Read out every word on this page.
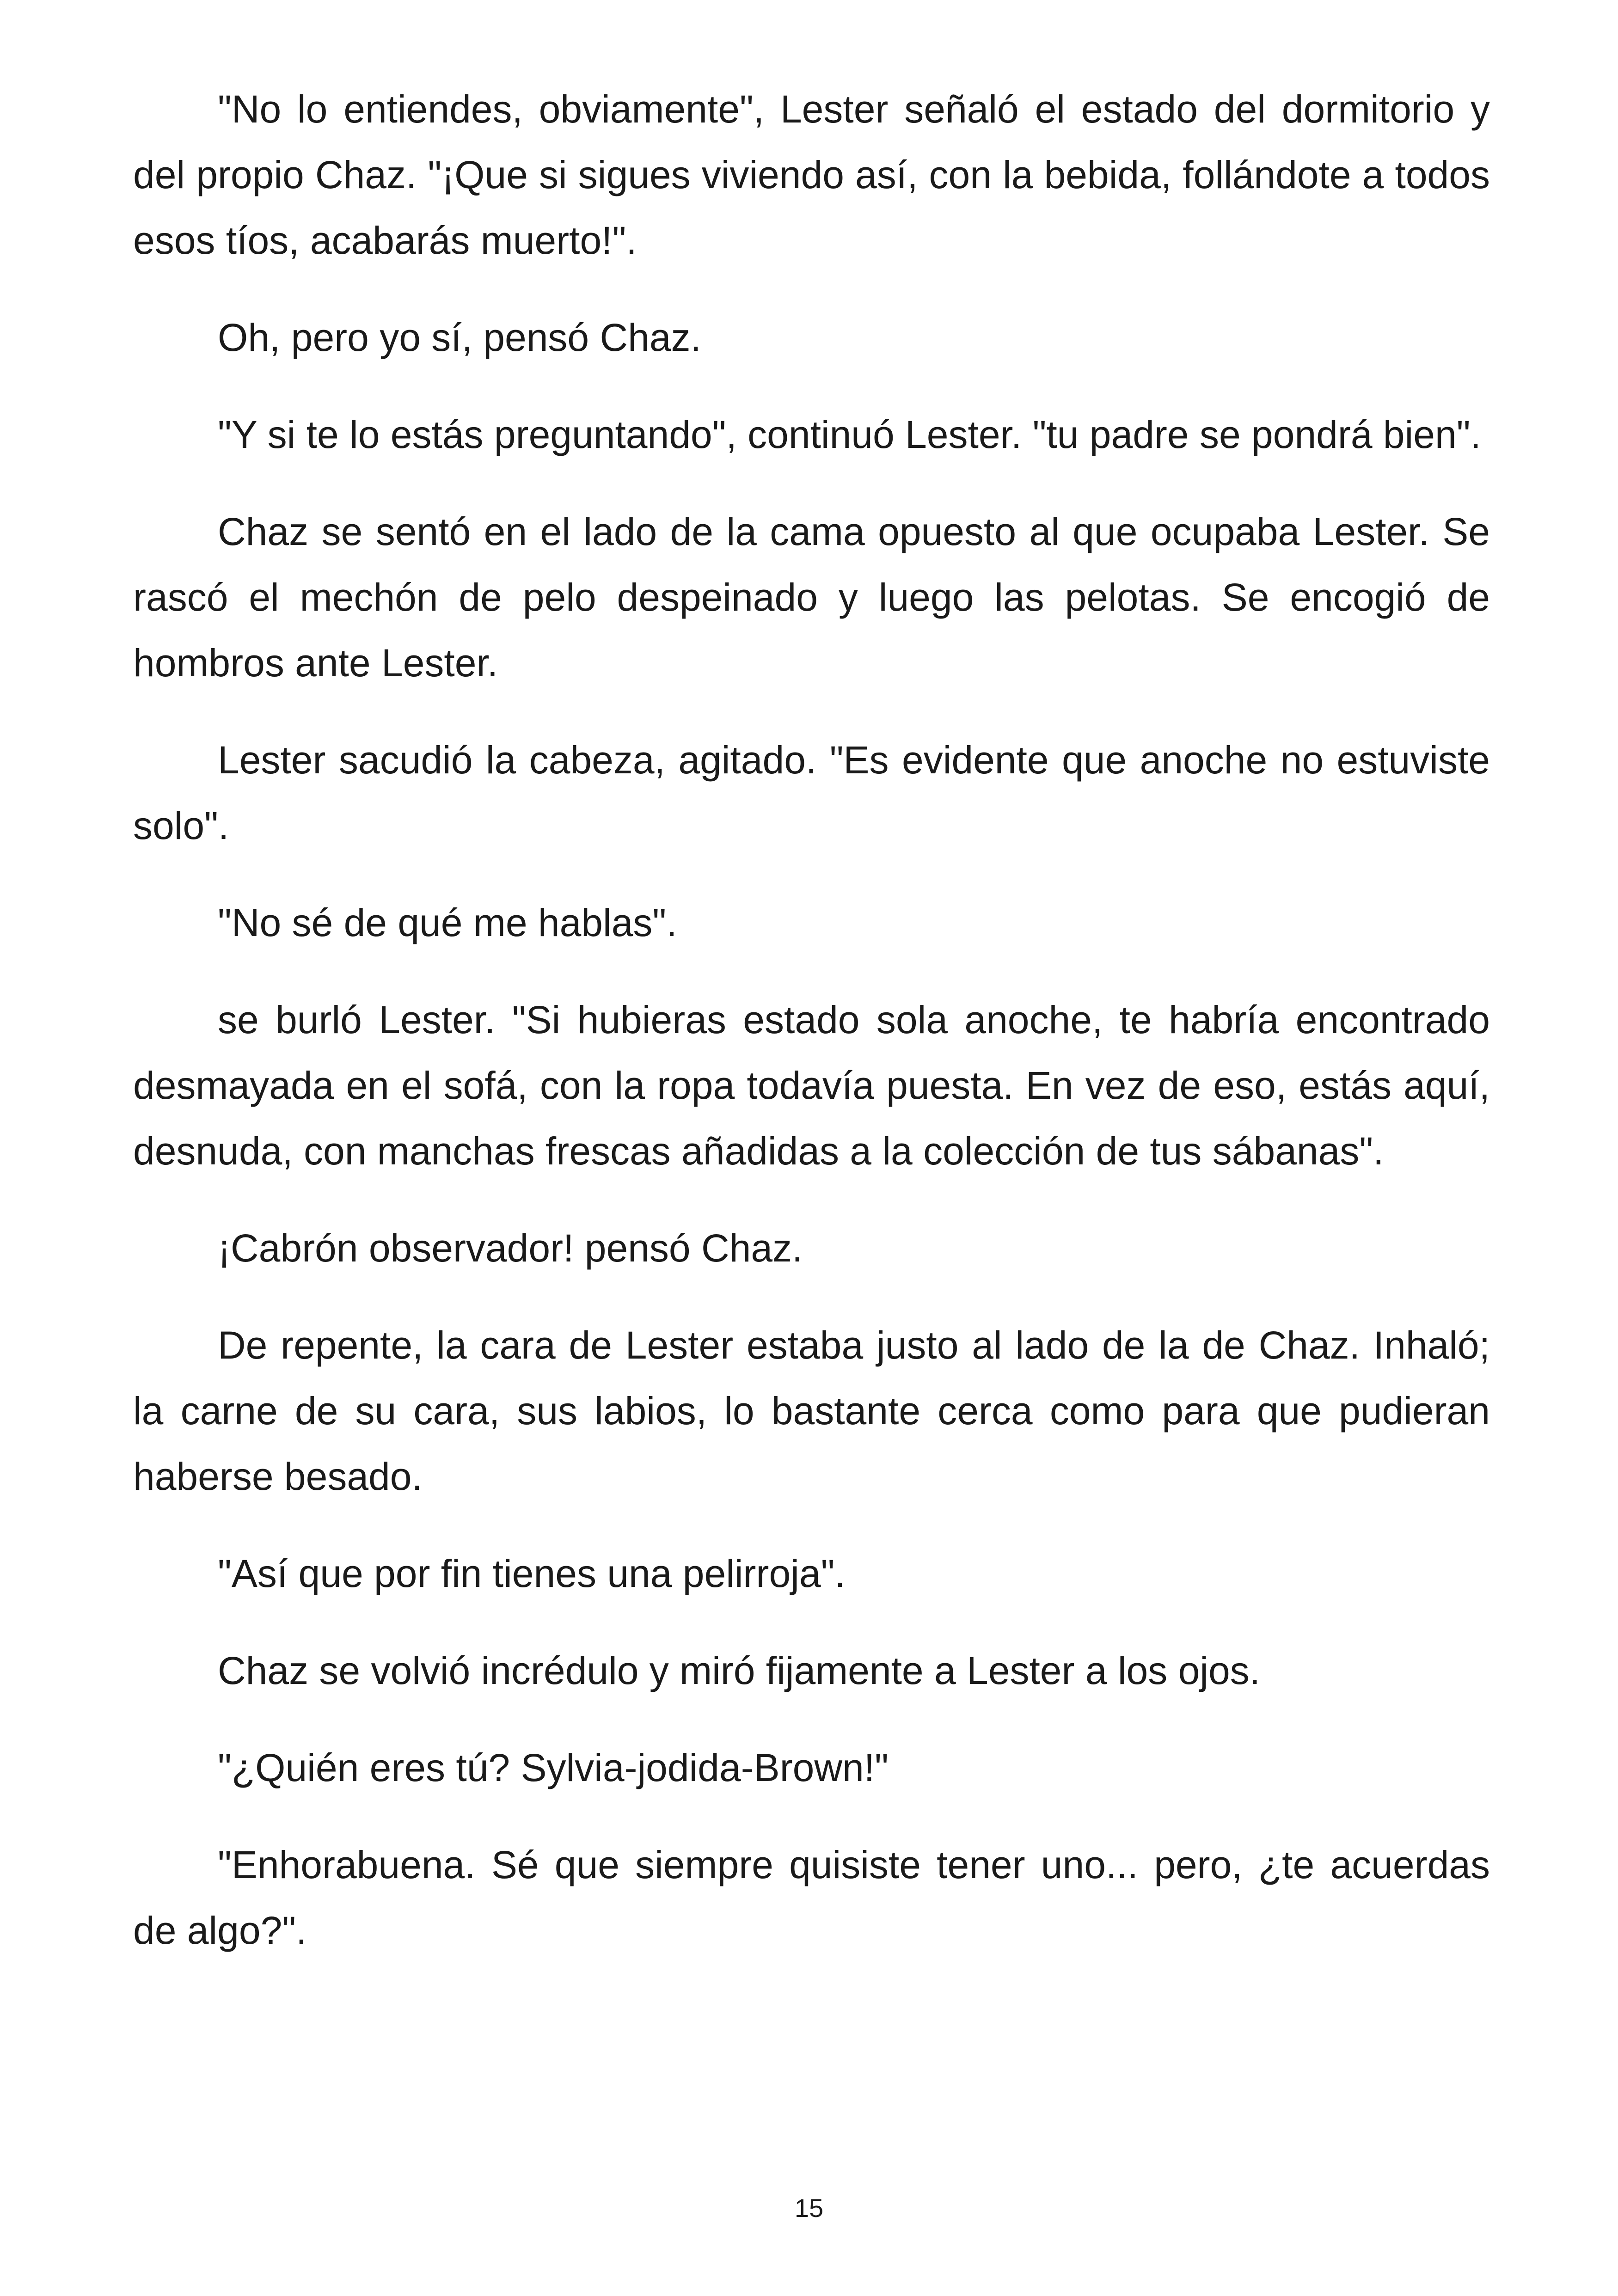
"No lo entiendes, obviamente", Lester señaló el estado del dormitorio y del propio Chaz. "¡Que si sigues viviendo así, con la bebida, follándote a todos esos tíos, acabarás muerto!".

Oh, pero yo sí, pensó Chaz.

"Y si te lo estás preguntando", continuó Lester. "tu padre se pondrá bien".

Chaz se sentó en el lado de la cama opuesto al que ocupaba Lester. Se rascó el mechón de pelo despeinado y luego las pelotas. Se encogió de hombros ante Lester.

Lester sacudió la cabeza, agitado. "Es evidente que anoche no estuviste solo".

"No sé de qué me hablas".

se burló Lester. "Si hubieras estado sola anoche, te habría encontrado desmayada en el sofá, con la ropa todavía puesta. En vez de eso, estás aquí, desnuda, con manchas frescas añadidas a la colección de tus sábanas".

¡Cabrón observador! pensó Chaz.

De repente, la cara de Lester estaba justo al lado de la de Chaz. Inhaló; la carne de su cara, sus labios, lo bastante cerca como para que pudieran haberse besado.

"Así que por fin tienes una pelirroja".

Chaz se volvió incrédulo y miró fijamente a Lester a los ojos.

"¿Quién eres tú? Sylvia-jodida-Brown!"

"Enhorabuena. Sé que siempre quisiste tener uno... pero, ¿te acuerdas de algo?".

15
